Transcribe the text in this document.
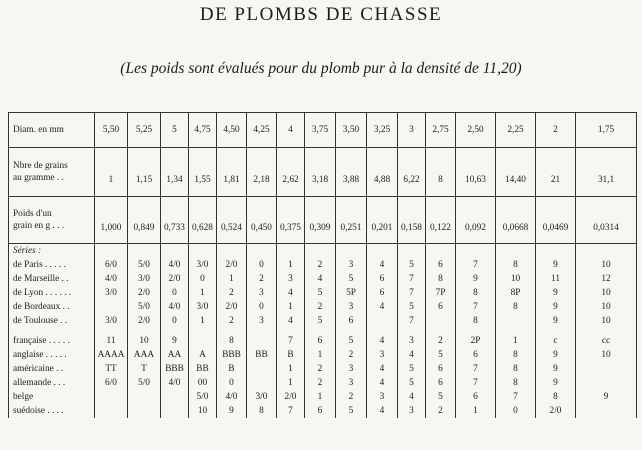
DE PLOMBS DE CHASSE
(Les poids sont évalués pour du plomb pur à la densité de 11,20)
Diam. en mm	5,50	5,25	5	4,75	4,50	4,25	4	3,75	3,50	3,25	3	2,75	2,50	2,25	2	1,75
Nbre de grains
au gramme . .	1	1,15	1,34	1,55	1,81	2,18	2,62	3,18	3,88	4,88	6,22	8	10,63	14,40	21	31,1
Poids d'un
grain en g . . .	1,000	0,849	0,733	0,628	0,524	0,450	0,375	0,309	0,251	0,201	0,158	0,122	0,092	0,0668	0,0469	0,0314
Séries :																
de Paris . . . . .	6/0	5/0	4/0	3/0	2/0	0	1	2	3	4	5	6	7	8	9	10
de Marseille . .	4/0	3/0	2/0	0	1	2	3	4	5	6	7	8	9	10	11	12
de Lyon . . . . . .	3/0	2/0	0	1	2	3	4	5	5P	6	7	7P	8	8P	9	10
de Bordeaux . .		5/0	4/0	3/0	2/0	0	1	2	3	4	5	6	7	8	9	10
de Toulouse . .	3/0	2/0	0	1	2	3	4	5	6		7		8		9	10

française . . . . .	11	10	9		8		7	6	5	4	3	2	2P	1	c	cc
anglaise . . . . .	AAAA	AAA	AA	A	BBB	BB	B	1	2	3	4	5	6	8	9	10
américaine . .	TT	T	BBB	BB	B		1	2	3	4	5	6	7	8	9	
allemande . . .	6/0	5/0	4/0	00	0		1	2	3	4	5	6	7	8	9	
belge				5/0	4/0	3/0	2/0	1	2	3	4	5	6	7	8	9
suédoise . . . .				10	9	8	7	6	5	4	3	2	1	0	2/0	
